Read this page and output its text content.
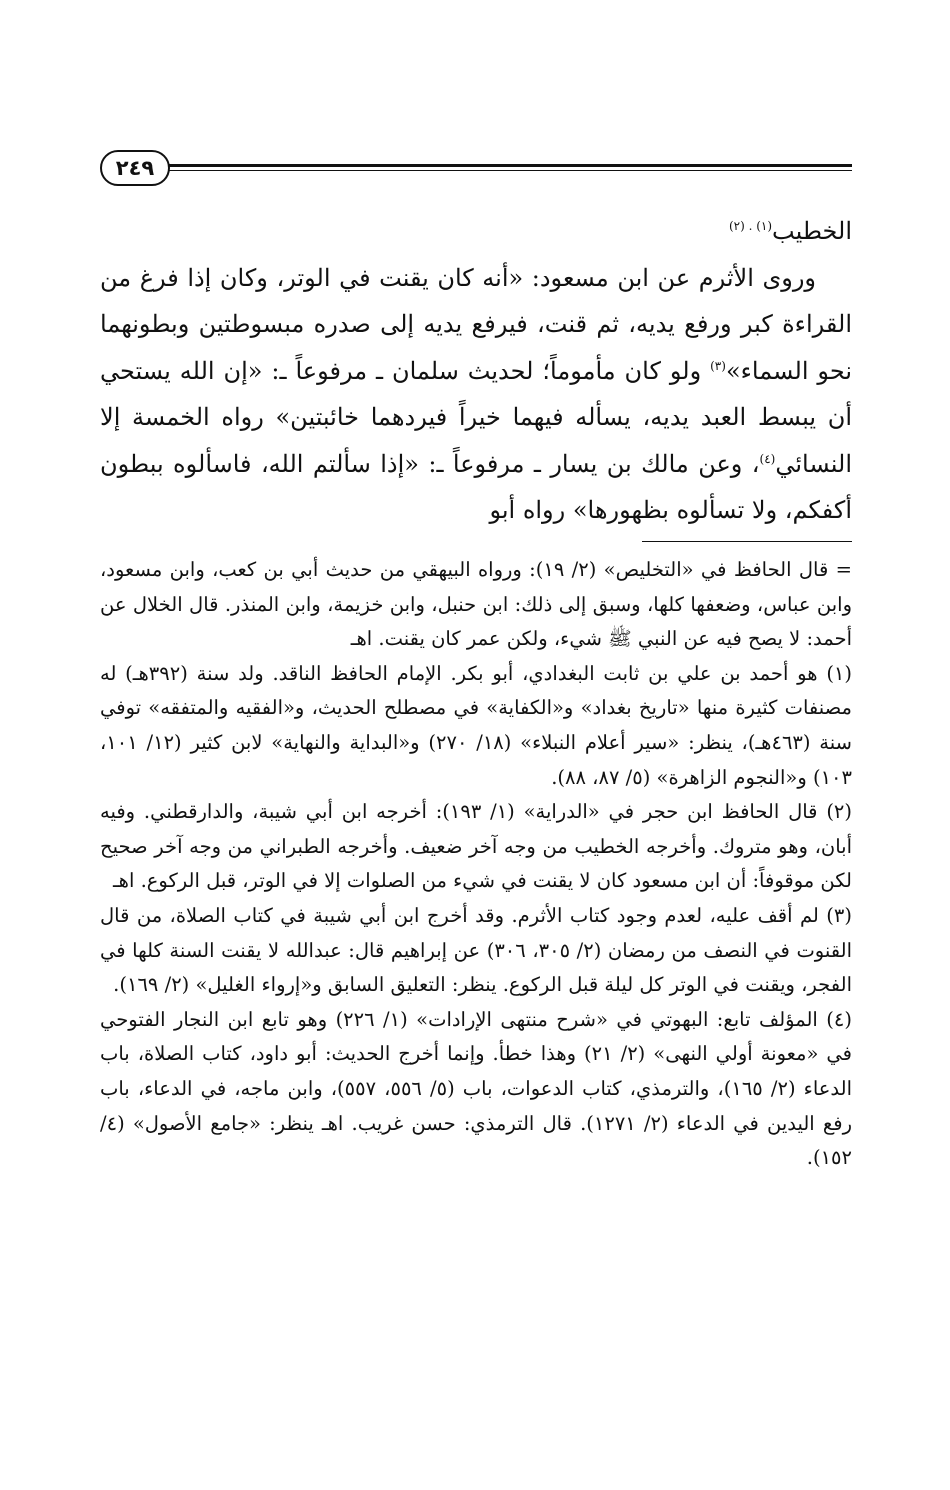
٢٤٩

الخطيب$^{(١) . (٢)}$

وروى الأثرم عن ابن مسعود: «أنه كان يقنت في الوتر، وكان إذا فرغ من القراءة كبر ورفع يديه، ثم قنت، فيرفع يديه إلى صدره مبسوطتين وبطونهما نحو السماء»$^{(٣)}$ ولو كان مأموماً؛ لحديث سلمان ـ مرفوعاً ـ: «إن الله يستحي أن يبسط العبد يديه، يسأله فيهما خيراً فيردهما خائبتين» رواه الخمسة إلا النسائي$^{(٤)}$، وعن مالك بن يسار ـ مرفوعاً ـ: «إذا سألتم الله، فاسألوه ببطون أكفكم، ولا تسألوه بظهورها» رواه أبو

= قال الحافظ في «التخليص» (٢/ ١٩): ورواه البيهقي من حديث أبي بن كعب، وابن مسعود، وابن عباس، وضعفها كلها، وسبق إلى ذلك: ابن حنبل، وابن خزيمة، وابن المنذر. قال الخلال عن أحمد: لا يصح فيه عن النبي ﷺ شيء، ولكن عمر كان يقنت. اهـ

(١) هو أحمد بن علي بن ثابت البغدادي، أبو بكر. الإمام الحافظ الناقد. ولد سنة (٣٩٢هـ) له مصنفات كثيرة منها «تاريخ بغداد» و«الكفاية» في مصطلح الحديث، و«الفقيه والمتفقه» توفي سنة (٤٦٣هـ)، ينظر: «سير أعلام النبلاء» (١٨/ ٢٧٠) و«البداية والنهاية» لابن كثير (١٢/ ١٠١، ١٠٣) و«النجوم الزاهرة» (٥/ ٨٧، ٨٨).

(٢) قال الحافظ ابن حجر في «الدراية» (١/ ١٩٣): أخرجه ابن أبي شيبة، والدارقطني. وفيه أبان، وهو متروك. وأخرجه الخطيب من وجه آخر ضعيف. وأخرجه الطبراني من وجه آخر صحيح لكن موقوفاً: أن ابن مسعود كان لا يقنت في شيء من الصلوات إلا في الوتر، قبل الركوع. اهـ

(٣) لم أقف عليه، لعدم وجود كتاب الأثرم. وقد أخرج ابن أبي شيبة في كتاب الصلاة، من قال القنوت في النصف من رمضان (٢/ ٣٠٥، ٣٠٦) عن إبراهيم قال: عبدالله لا يقنت السنة كلها في الفجر، ويقنت في الوتر كل ليلة قبل الركوع. ينظر: التعليق السابق و«إرواء الغليل» (٢/ ١٦٩).

(٤) المؤلف تابع: البهوتي في «شرح منتهى الإرادات» (١/ ٢٢٦) وهو تابع ابن النجار الفتوحي في «معونة أولي النهى» (٢/ ٢١) وهذا خطأ. وإنما أخرج الحديث: أبو داود، كتاب الصلاة، باب الدعاء (٢/ ١٦٥)، والترمذي، كتاب الدعوات، باب (٥/ ٥٥٦، ٥٥٧)، وابن ماجه، في الدعاء، باب رفع اليدين في الدعاء (٢/ ١٢٧١). قال الترمذي: حسن غريب. اهـ ينظر: «جامع الأصول» (٤/ ١٥٢).
